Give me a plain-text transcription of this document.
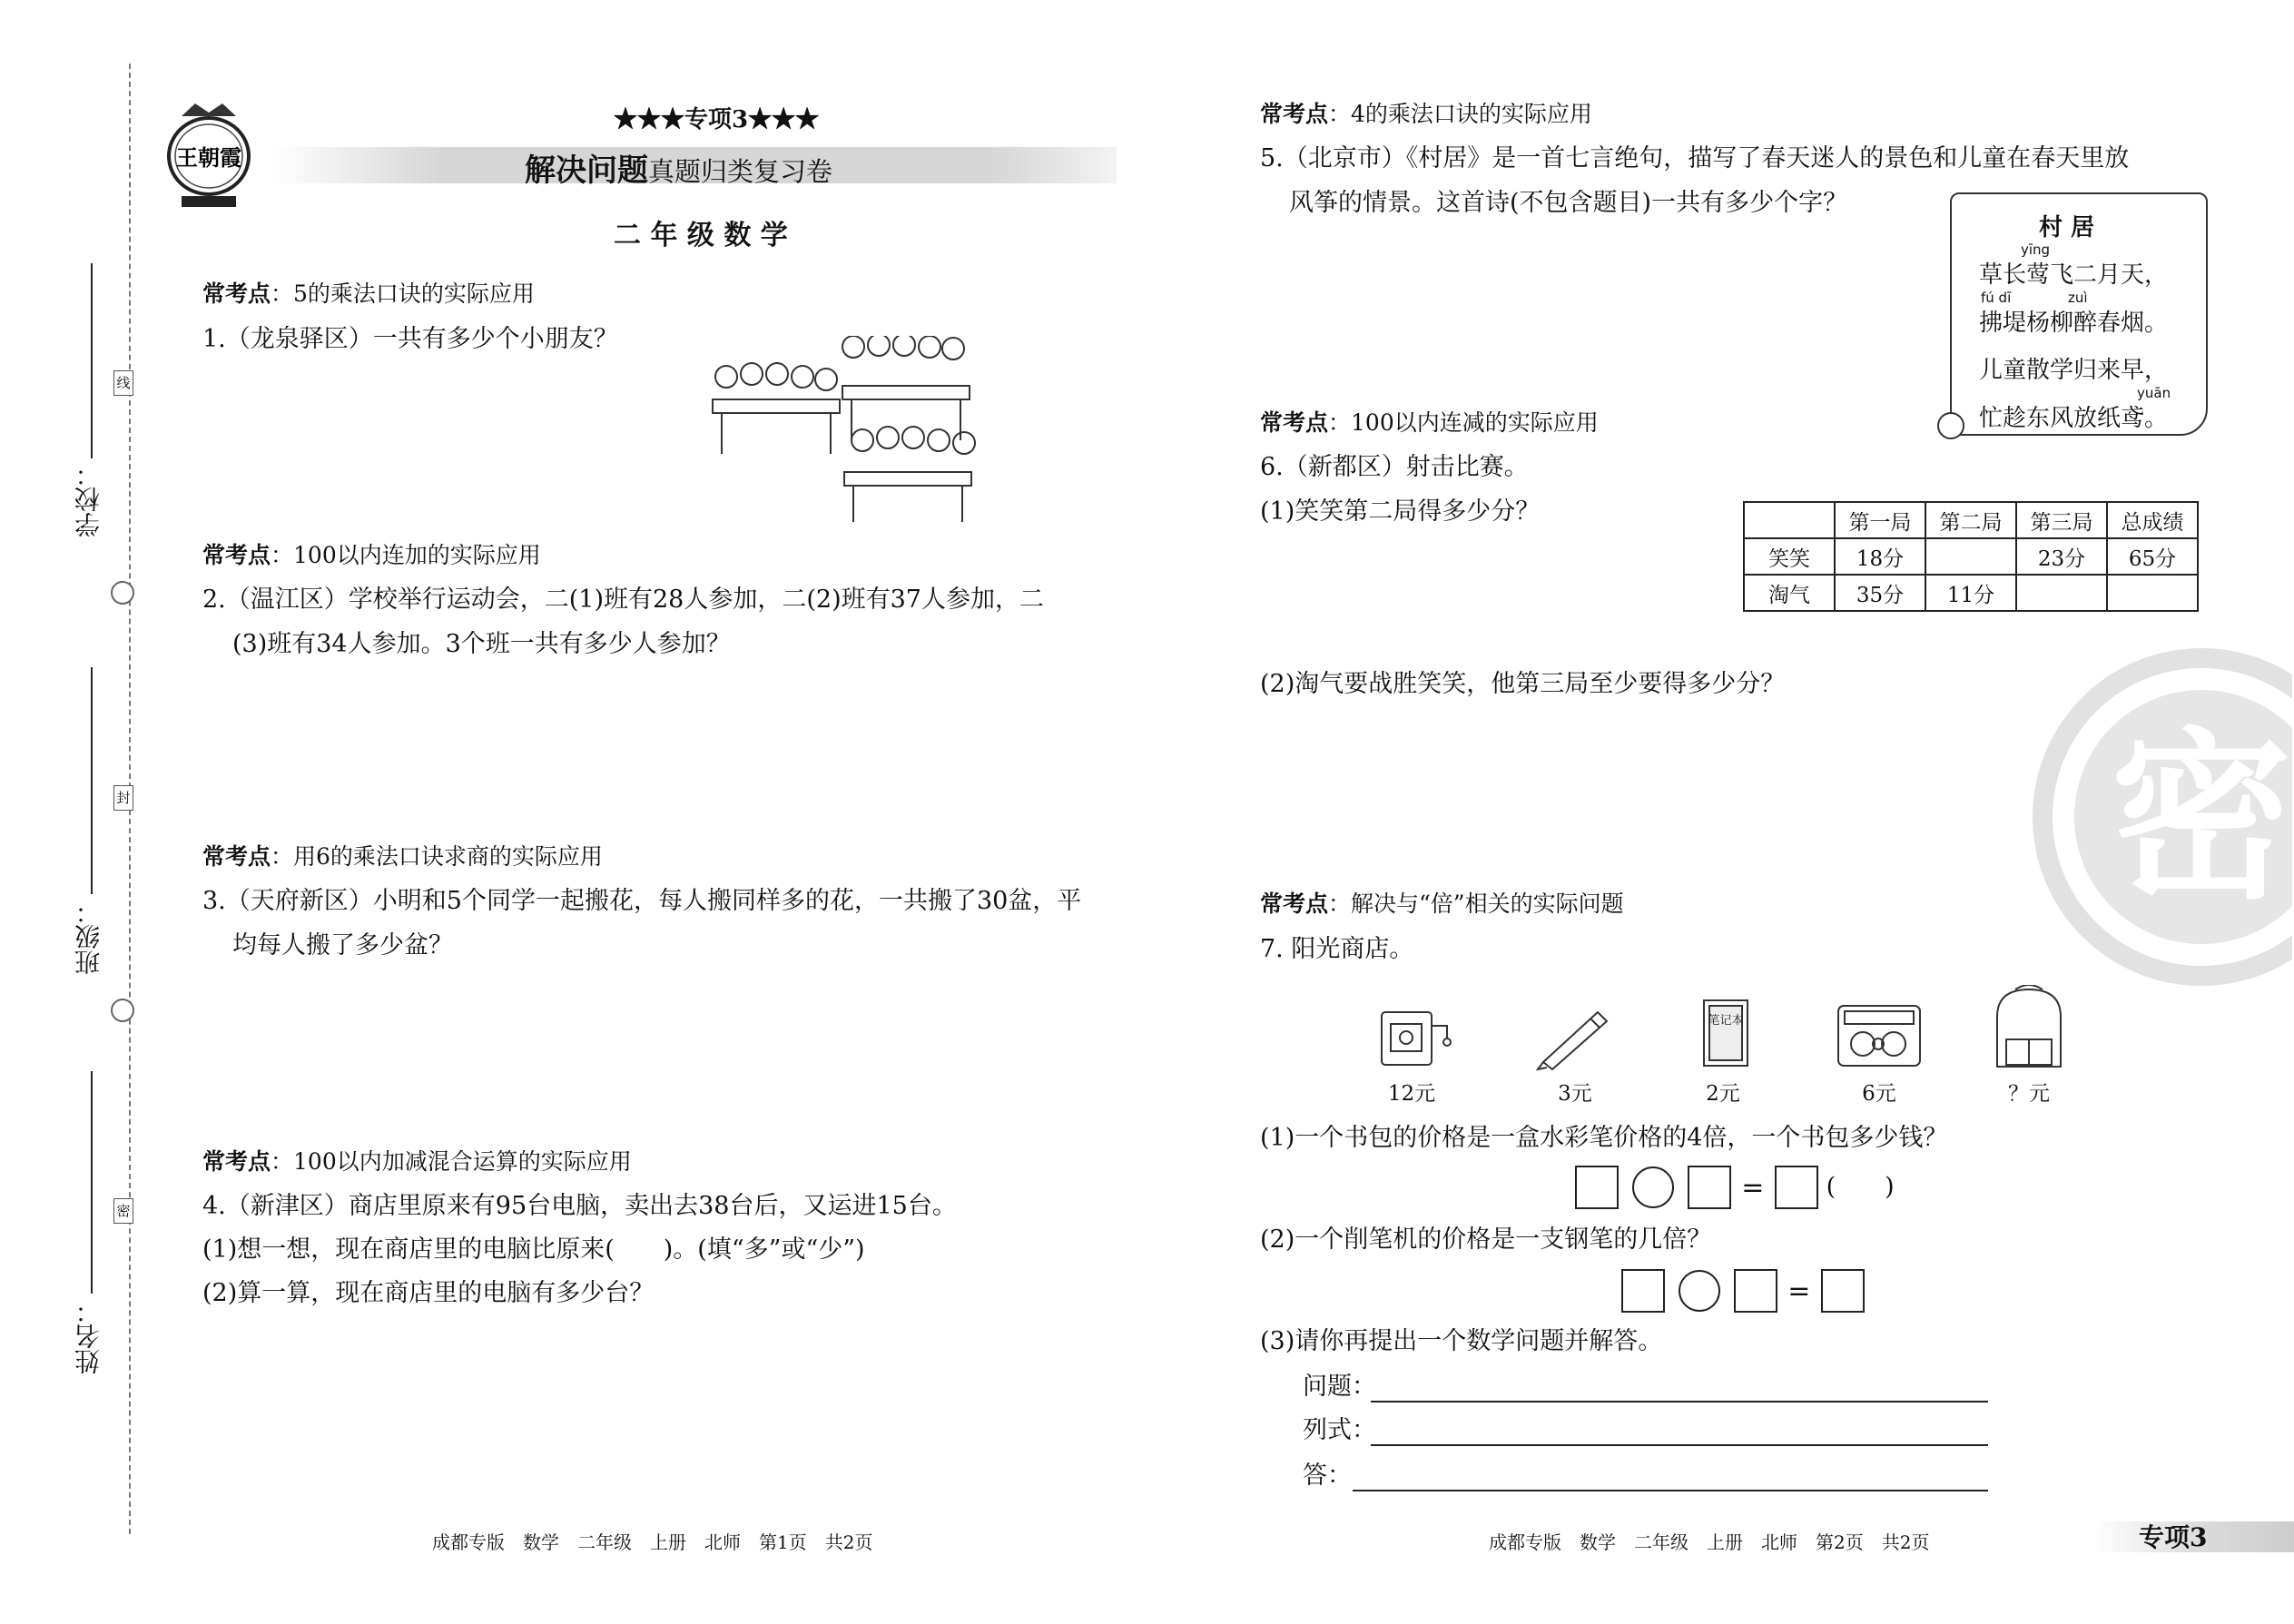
学校：
班级：
姓名：
线
封
密
王朝霞
★★★专项3★★★
解决问题真题归类复习卷
二 年 级 数 学
常考点：5的乘法口诀的实际应用
1.（龙泉驿区）一共有多少个小朋友？
常考点：100以内连加的实际应用
2.（温江区）学校举行运动会，二(1)班有28人参加，二(2)班有37人参加，二
(3)班有34人参加。3个班一共有多少人参加？
常考点：用6的乘法口诀求商的实际应用
3.（天府新区）小明和5个同学一起搬花，每人搬同样多的花，一共搬了30盆，平
均每人搬了多少盆？
常考点：100以内加减混合运算的实际应用
4.（新津区）商店里原来有95台电脑，卖出去38台后，又运进15台。
(1)想一想，现在商店里的电脑比原来(　　)。(填“多”或“少”)
(2)算一算，现在商店里的电脑有多少台？
成都专版　数学　二年级　上册　北师　第1页　共2页
密
常考点：4的乘法口诀的实际应用
5.（北京市）《村居》是一首七言绝句，描写了春天迷人的景色和儿童在春天里放
风筝的情景。这首诗(不包含题目)一共有多少个字？
村 居
yīng
草长莺飞二月天，
fú dī	zuì
拂堤杨柳醉春烟。
儿童散学归来早，
yuān
忙趁东风放纸鸢。
常考点：100以内连减的实际应用
6.（新都区）射击比赛。
(1)笑笑第二局得多少分？
		第一局	第二局	第三局	总成绩
笑笑	18分		23分	65分
淘气	35分	11分		
(2)淘气要战胜笑笑，他第三局至少要得多少分？
常考点：解决与“倍”相关的实际问题
7. 阳光商店。
12元	3元
笔记本
2元	6元	？元
(1)一个书包的价格是一盒水彩笔价格的4倍，一个书包多少钱？
=	(　　)
(2)一个削笔机的价格是一支钢笔的几倍？
=
(3)请你再提出一个数学问题并解答。
问题：
列式：
答：
成都专版　数学　二年级　上册　北师　第2页　共2页	专项3
